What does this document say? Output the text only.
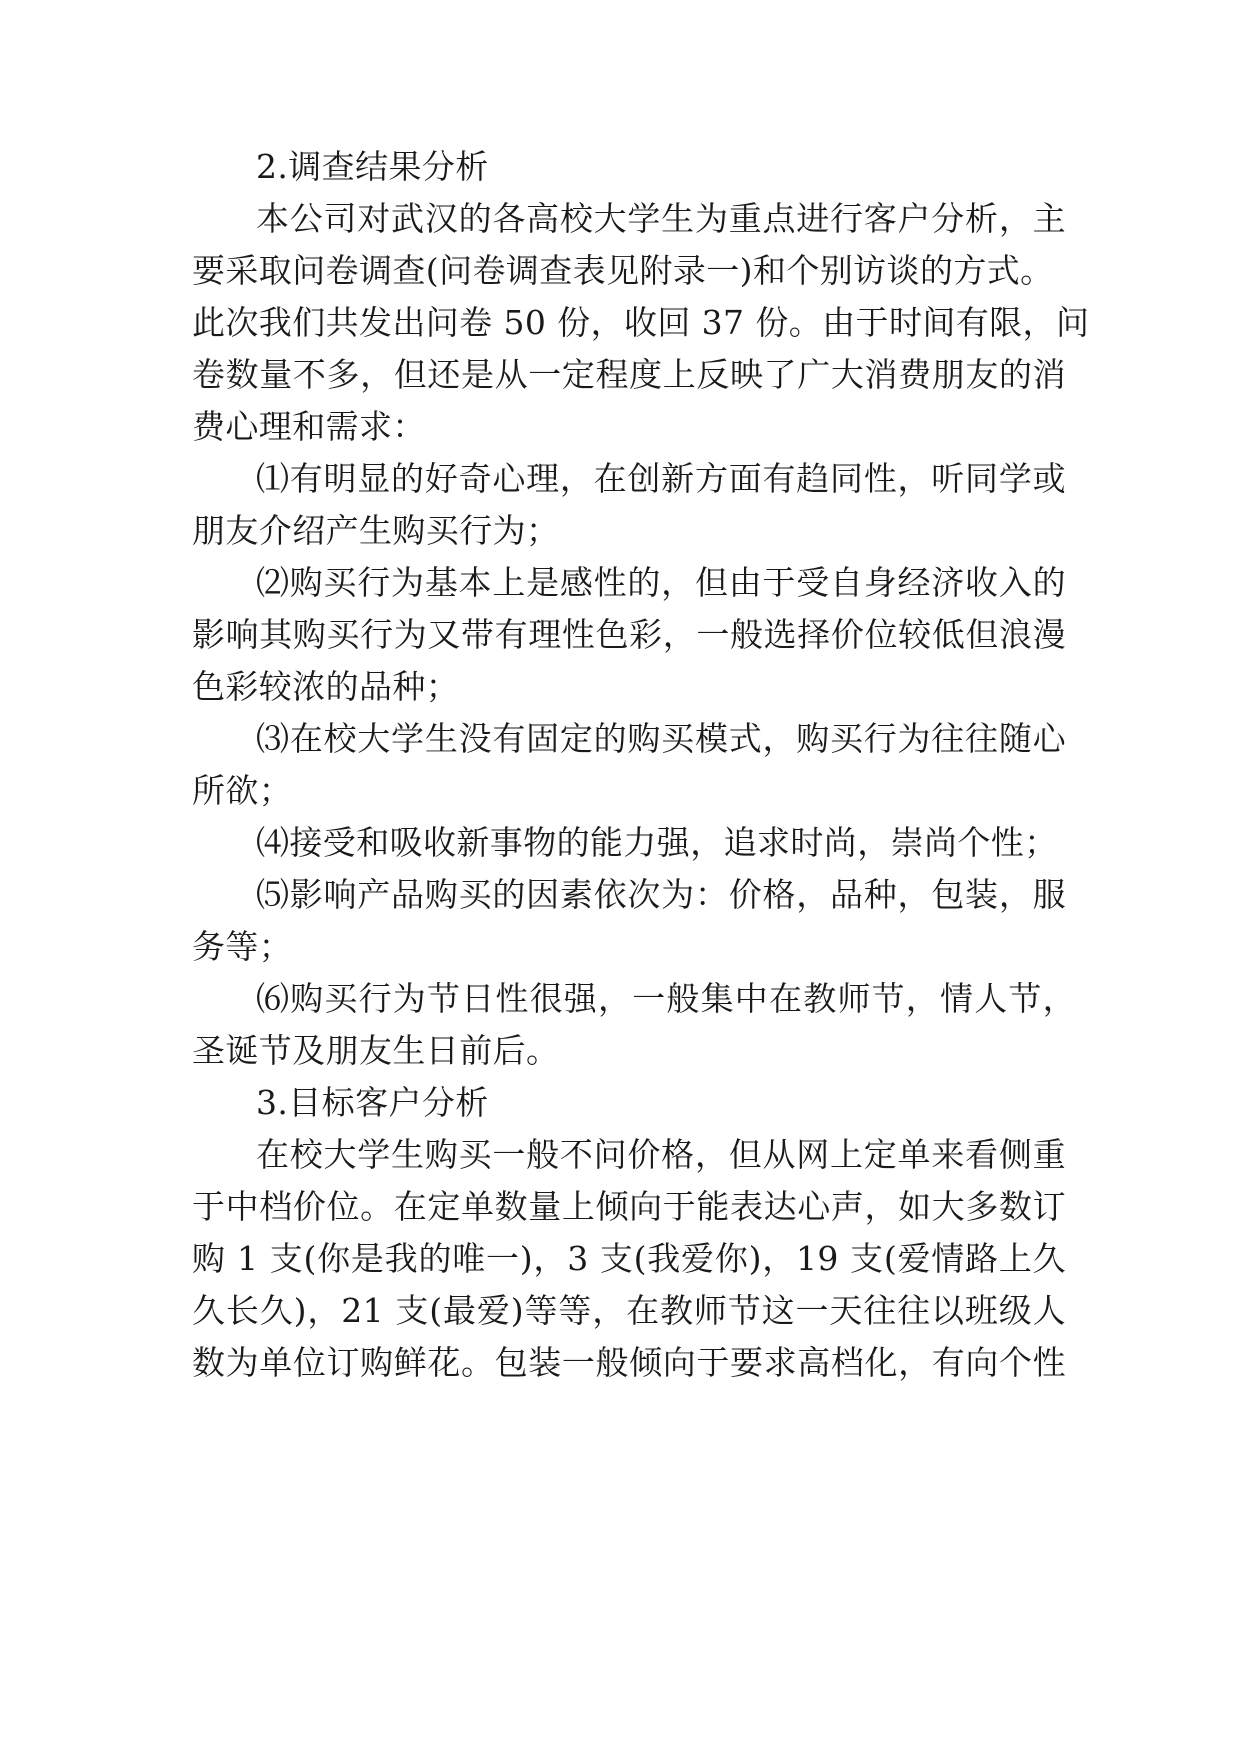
2.调查结果分析
本公司对武汉的各高校大学生为重点进行客户分析，主
要采取问卷调查(问卷调查表见附录一)和个别访谈的方式。
此次我们共发出问卷 50 份，收回 37 份。由于时间有限，问
卷数量不多，但还是从一定程度上反映了广大消费朋友的消
费心理和需求：
⑴有明显的好奇心理，在创新方面有趋同性，听同学或
朋友介绍产生购买行为；
⑵购买行为基本上是感性的，但由于受自身经济收入的
影响其购买行为又带有理性色彩，一般选择价位较低但浪漫
色彩较浓的品种；
⑶在校大学生没有固定的购买模式，购买行为往往随心
所欲；
⑷接受和吸收新事物的能力强，追求时尚，崇尚个性；
⑸影响产品购买的因素依次为：价格，品种，包装，服
务等；
⑹购买行为节日性很强，一般集中在教师节，情人节，
圣诞节及朋友生日前后。
3.目标客户分析
在校大学生购买一般不问价格，但从网上定单来看侧重
于中档价位。在定单数量上倾向于能表达心声，如大多数订
购 1 支(你是我的唯一)，3 支(我爱你)，19 支(爱情路上久
久长久)，21 支(最爱)等等，在教师节这一天往往以班级人
数为单位订购鲜花。包装一般倾向于要求高档化，有向个性
